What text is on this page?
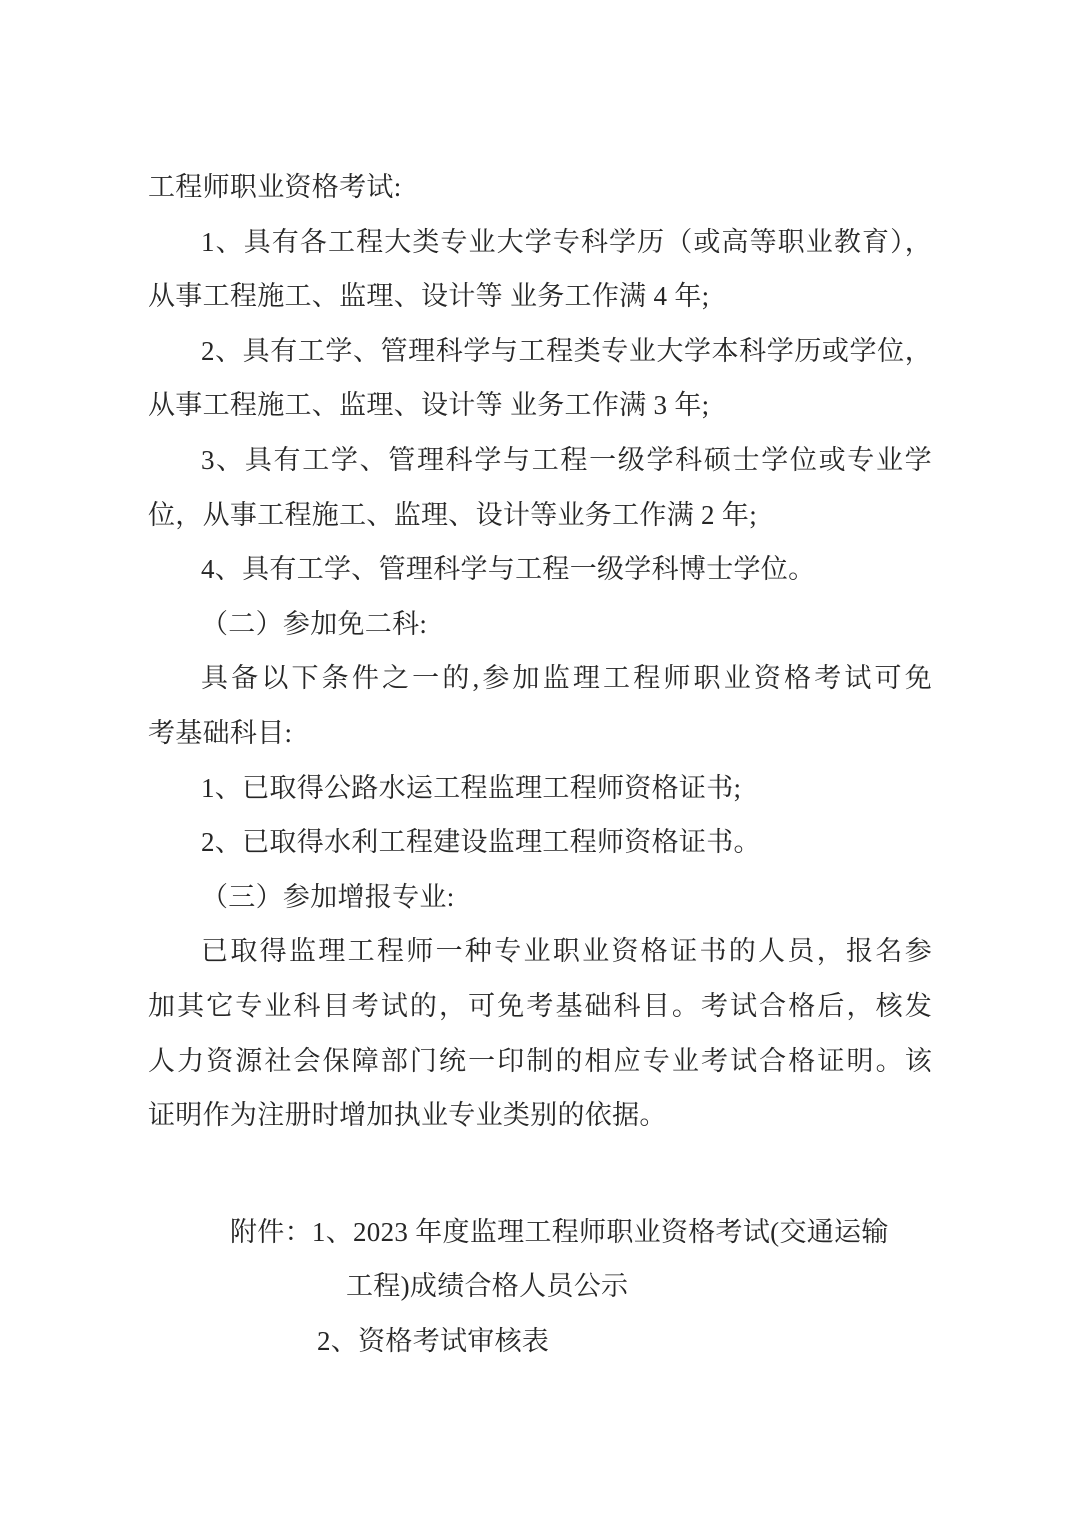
工程师职业资格考试:
1、具有各工程大类专业大学专科学历（或高等职业教育），
从事工程施工、监理、设计等 业务工作满 4 年;
2、具有工学、管理科学与工程类专业大学本科学历或学位，
从事工程施工、监理、设计等 业务工作满 3 年;
3、具有工学、管理科学与工程一级学科硕士学位或专业学
位，从事工程施工、监理、设计等业务工作满 2 年;
4、具有工学、管理科学与工程一级学科博士学位。
（二）参加免二科:
具备以下条件之一的,参加监理工程师职业资格考试可免
考基础科目:
1、已取得公路水运工程监理工程师资格证书;
2、已取得水利工程建设监理工程师资格证书。
（三）参加增报专业:
已取得监理工程师一种专业职业资格证书的人员，报名参
加其它专业科目考试的，可免考基础科目。考试合格后，核发
人力资源社会保障部门统一印制的相应专业考试合格证明。该
证明作为注册时增加执业专业类别的依据。
附件：1、2023 年度监理工程师职业资格考试(交通运输
工程)成绩合格人员公示
2、资格考试审核表
